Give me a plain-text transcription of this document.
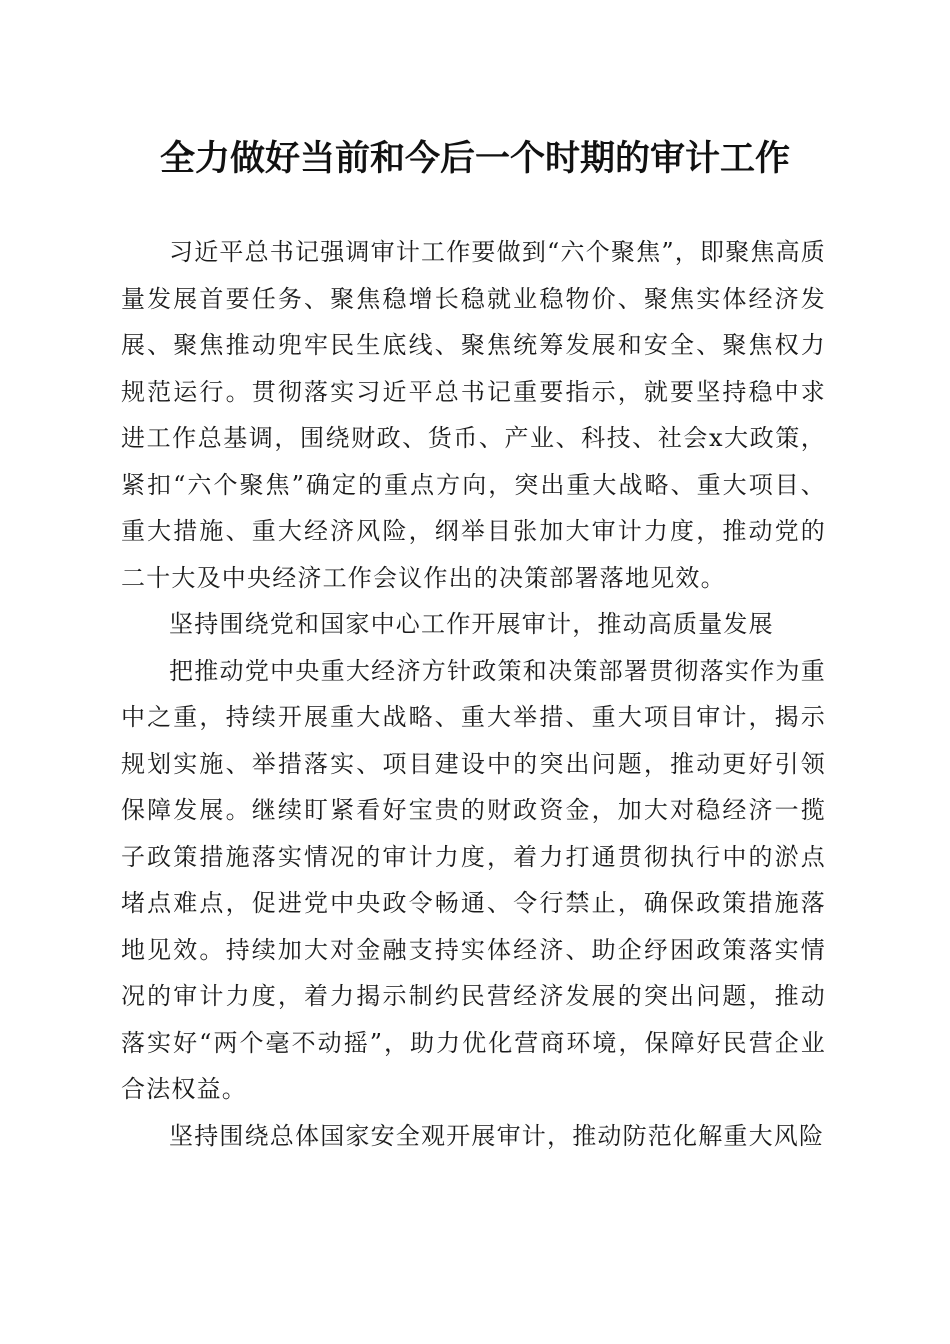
全力做好当前和今后一个时期的审计工作

习近平总书记强调审计工作要做到“六个聚焦”，即聚焦高质量发展首要任务、聚焦稳增长稳就业稳物价、聚焦实体经济发展、聚焦推动兜牢民生底线、聚焦统筹发展和安全、聚焦权力规范运行。贯彻落实习近平总书记重要指示，就要坚持稳中求进工作总基调，围绕财政、货币、产业、科技、社会x大政策，紧扣“六个聚焦”确定的重点方向，突出重大战略、重大项目、重大措施、重大经济风险，纲举目张加大审计力度，推动党的二十大及中央经济工作会议作出的决策部署落地见效。

坚持围绕党和国家中心工作开展审计，推动高质量发展

把推动党中央重大经济方针政策和决策部署贯彻落实作为重中之重，持续开展重大战略、重大举措、重大项目审计，揭示规划实施、举措落实、项目建设中的突出问题，推动更好引领保障发展。继续盯紧看好宝贵的财政资金，加大对稳经济一揽子政策措施落实情况的审计力度，着力打通贯彻执行中的淤点堵点难点，促进党中央政令畅通、令行禁止，确保政策措施落地见效。持续加大对金融支持实体经济、助企纾困政策落实情况的审计力度，着力揭示制约民营经济发展的突出问题，推动落实好“两个毫不动摇”，助力优化营商环境，保障好民营企业合法权益。

坚持围绕总体国家安全观开展审计，推动防范化解重大风险
